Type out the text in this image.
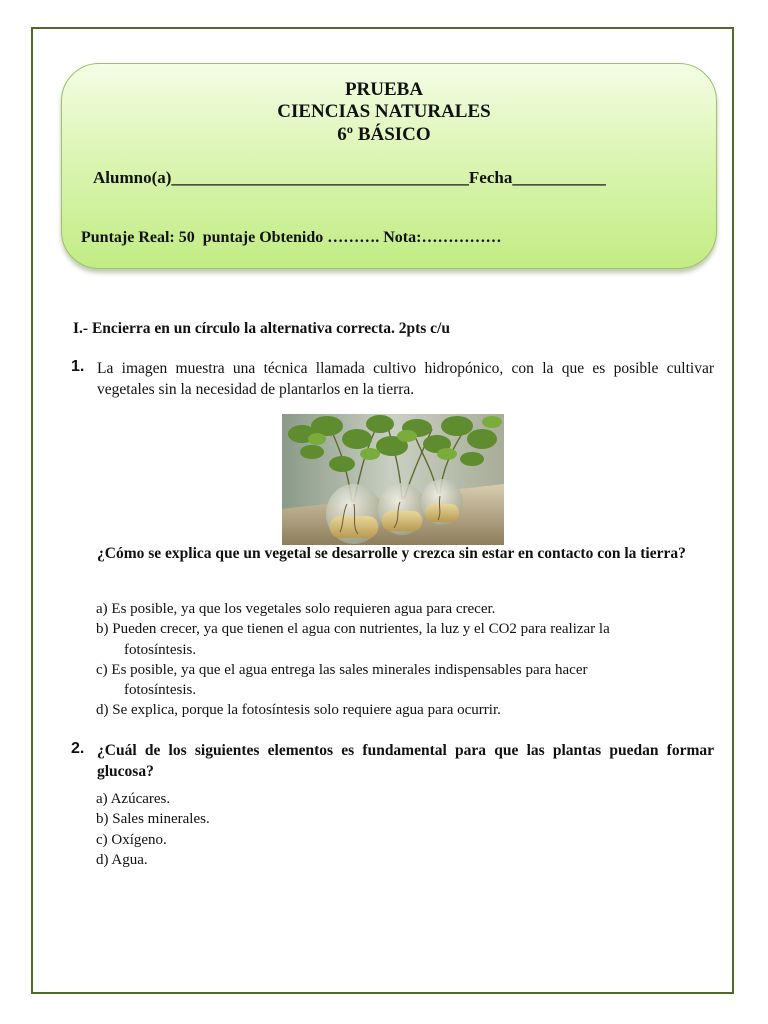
PRUEBA
CIENCIAS NATURALES
6º BÁSICO
Alumno(a)___________________________________Fecha___________
Puntaje Real: 50  puntaje Obtenido ………. Nota:……………
I.- Encierra en un círculo la alternativa correcta. 2pts c/u
1. La imagen muestra una técnica llamada cultivo hidropónico, con la que es posible cultivar vegetales sin la necesidad de plantarlos en la tierra.
¿Cómo se explica que un vegetal se desarrolle y crezca sin estar en contacto con la tierra?
a) Es posible, ya que los vegetales solo requieren agua para crecer.
b) Pueden crecer, ya que tienen el agua con nutrientes, la luz y el CO2 para realizar la
fotosíntesis.
c) Es posible, ya que el agua entrega las sales minerales indispensables para hacer
fotosíntesis.
d) Se explica, porque la fotosíntesis solo requiere agua para ocurrir.
2. ¿Cuál de los siguientes elementos es fundamental para que las plantas puedan formar glucosa?
a) Azúcares.
b) Sales minerales.
c) Oxígeno.
d) Agua.
